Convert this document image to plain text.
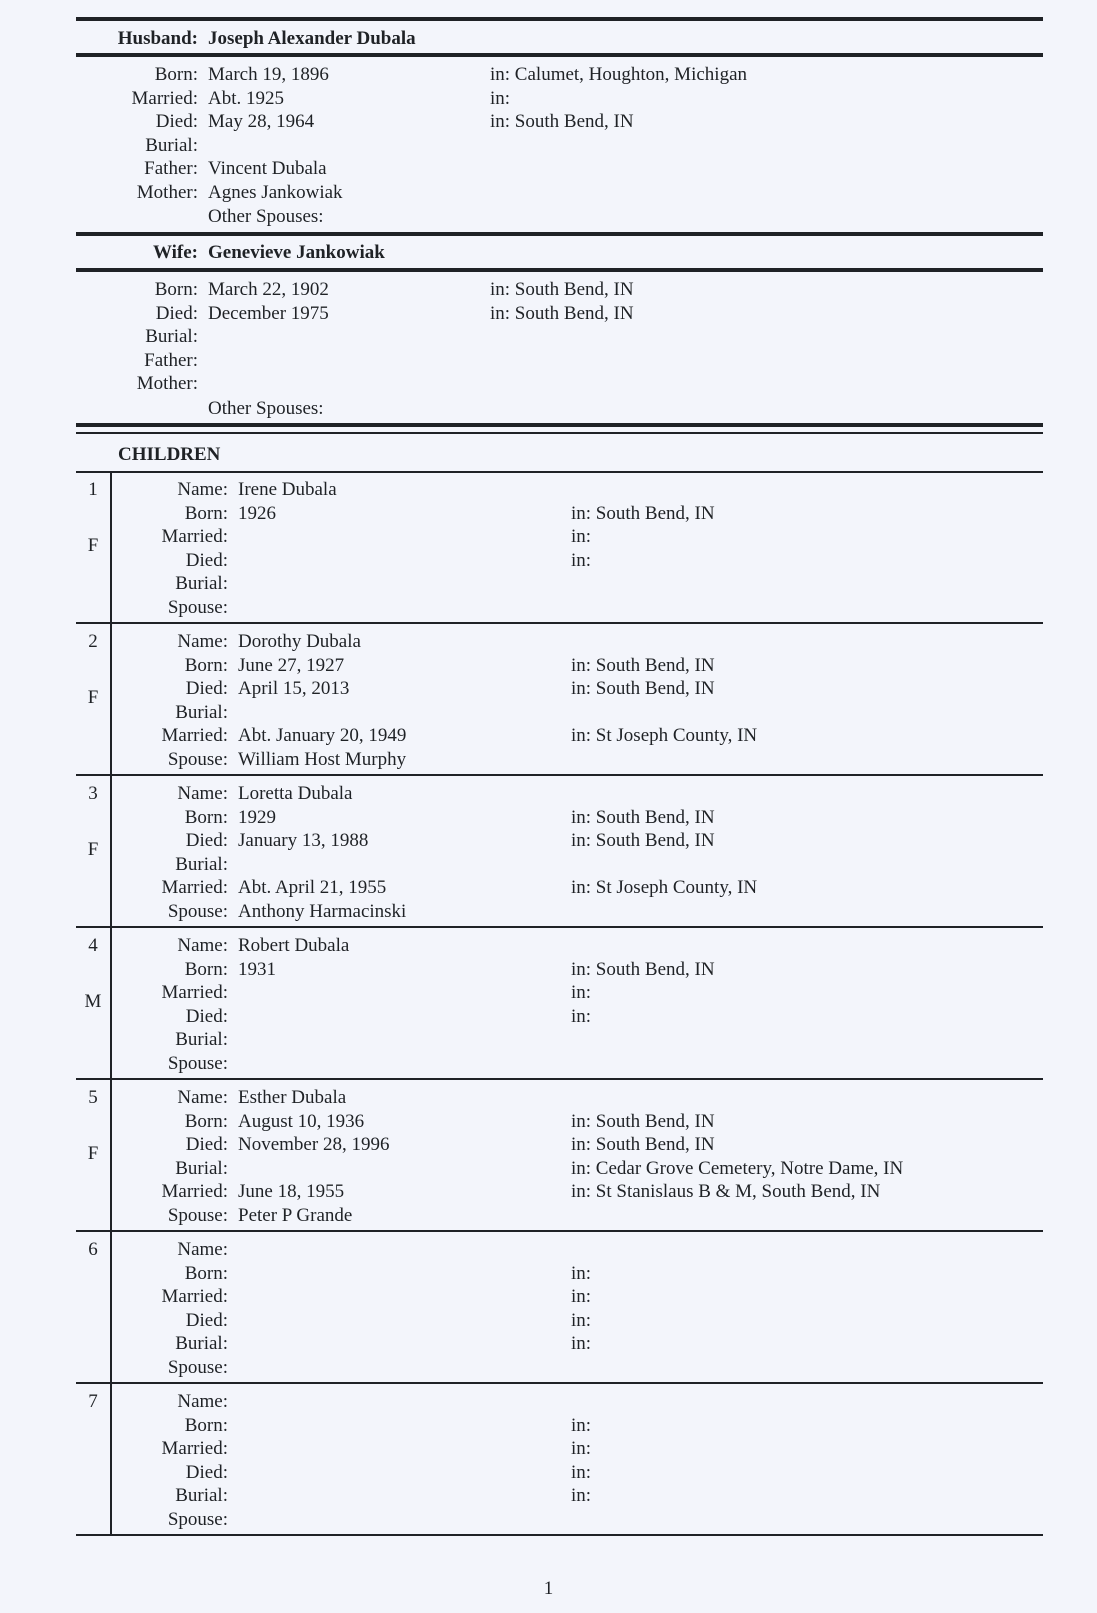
Husband: Joseph Alexander Dubala
Born: March 19, 1896	in: Calumet, Houghton, Michigan
Married: Abt. 1925	in:
Died: May 28, 1964	in: South Bend, IN
Burial:
Father: Vincent Dubala
Mother: Agnes Jankowiak
Other Spouses:
Wife: Genevieve Jankowiak
Born: March 22, 1902	in: South Bend, IN
Died: December 1975	in: South Bend, IN
Burial:
Father:
Mother:
Other Spouses:
CHILDREN
1
F
Name: Irene Dubala
Born: 1926	in: South Bend, IN
Married:	in:
Died:	in:
Burial:
Spouse:
2
F
Name: Dorothy Dubala
Born: June 27, 1927	in: South Bend, IN
Died: April 15, 2013	in: South Bend, IN
Burial:
Married: Abt. January 20, 1949	in: St Joseph County, IN
Spouse: William Host Murphy
3
F
Name: Loretta Dubala
Born: 1929	in: South Bend, IN
Died: January 13, 1988	in: South Bend, IN
Burial:
Married: Abt. April 21, 1955	in: St Joseph County, IN
Spouse: Anthony Harmacinski
4
M
Name: Robert Dubala
Born: 1931	in: South Bend, IN
Married:	in:
Died:	in:
Burial:
Spouse:
5
F
Name: Esther Dubala
Born: August 10, 1936	in: South Bend, IN
Died: November 28, 1996	in: South Bend, IN
Burial:	in: Cedar Grove Cemetery, Notre Dame, IN
Married: June 18, 1955	in: St Stanislaus B & M, South Bend, IN
Spouse: Peter P Grande
6	Name:
Born:	in:
Married:	in:
Died:	in:
Burial:	in:
Spouse:
7	Name:
Born:	in:
Married:	in:
Died:	in:
Burial:	in:
Spouse:
1
